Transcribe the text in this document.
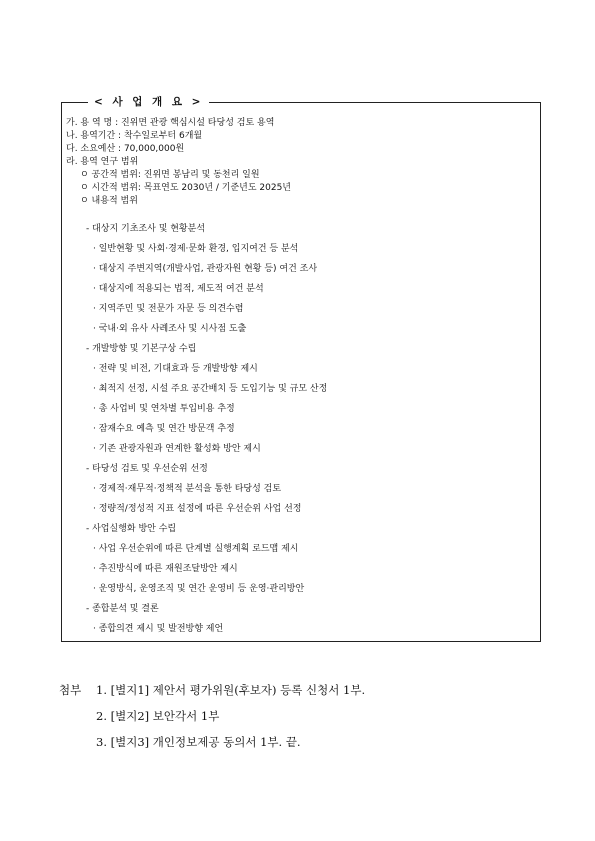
< 사 업 개 요 >
가. 용 역 명 : 진위면 관광 핵심시설 타당성 검토 용역
나. 용역기간 : 착수일로부터 6개월
다. 소요예산 : 70,000,000원
라. 용역 연구 범위
ㅇ 공간적 범위: 진위면 봉남리 및 동천리 일원
ㅇ 시간적 범위: 목표연도 2030년 / 기준년도 2025년
ㅇ 내용적 범위
- 대상지 기초조사 및 현황분석
· 일반현황 및 사회·경제·문화 환경, 입지여건 등 분석
· 대상지 주변지역(개발사업, 관광자원 현황 등) 여건 조사
· 대상지에 적용되는 법적, 제도적 여건 분석
· 지역주민 및 전문가 자문 등 의견수렴
· 국내·외 유사 사례조사 및 시사점 도출
- 개발방향 및 기본구상 수립
· 전략 및 비전, 기대효과 등 개발방향 제시
· 최적지 선정, 시설 주요 공간배치 등 도입기능 및 규모 산정
· 총 사업비 및 연차별 투입비용 추정
· 잠재수요 예측 및 연간 방문객 추정
· 기존 관광자원과 연계한 활성화 방안 제시
- 타당성 검토 및 우선순위 선정
· 경제적·재무적·정책적 분석을 통한 타당성 검토
· 정량적/정성적 지표 설정에 따른 우선순위 사업 선정
- 사업실행화 방안 수립
· 사업 우선순위에 따른 단계별 실행계획 로드맵 제시
· 추진방식에 따른 재원조달방안 제시
· 운영방식, 운영조직 및 연간 운영비 등 운영·관리방안
- 종합분석 및 결론
· 종합의견 제시 및 발전방향 제언
첨부 1. [별지1] 제안서 평가위원(후보자) 등록 신청서 1부.
2. [별지2] 보안각서 1부
3. [별지3] 개인정보제공 동의서 1부. 끝.
